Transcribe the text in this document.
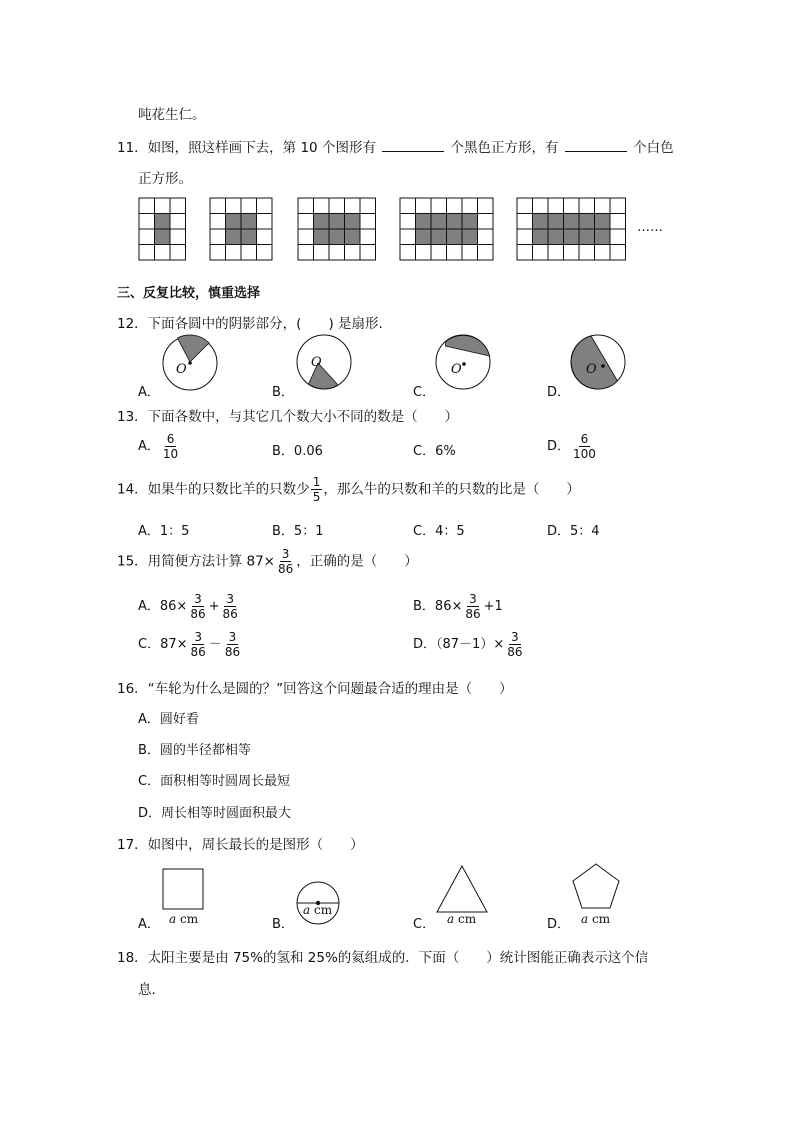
吨花生仁。
11．如图，照这样画下去，第 10 个图形有	个黑色正方形，有	个白色
正方形。
……
三、反复比较，慎重选择
12．下面各圆中的阴影部分，(　　) 是扇形.
O	O	O	O
A．	B．	C．	D．
13．下面各数中，与其它几个数大小不同的数是（　　）
A． $\frac{6}{10}$	B．0.06	C．6%	D． $\frac{6}{100}$
14．如果牛的只数比羊的只数少 $\frac{1}{5}$ ，那么牛的只数和羊的只数的比是（　　）
A．1：5	B．5：1	C．4：5	D．5：4
15．用简便方法计算 $87\times \frac{3}{86}$ ，正确的是（　　）
A．$86\times \frac{3}{86} + \frac{3}{86}$	B．$86\times \frac{3}{86} +1$
C．$87\times \frac{3}{86} - \frac{3}{86}$	D．$(87-1)\times \frac{3}{86}$
16．“车轮为什么是圆的？”回答这个问题最合适的理由是（　　）
A．圆好看
B．圆的半径都相等
C．面积相等时圆周长最短
D．周长相等时圆面积最大
17．如图中，周长最长的是图形（　　）
A．	B．	C．	D．
a cm
a cm
a cm	a cm
18．太阳主要是由 75%的氢和 25%的氦组成的．下面（　　）统计图能正确表示这个信
息．
